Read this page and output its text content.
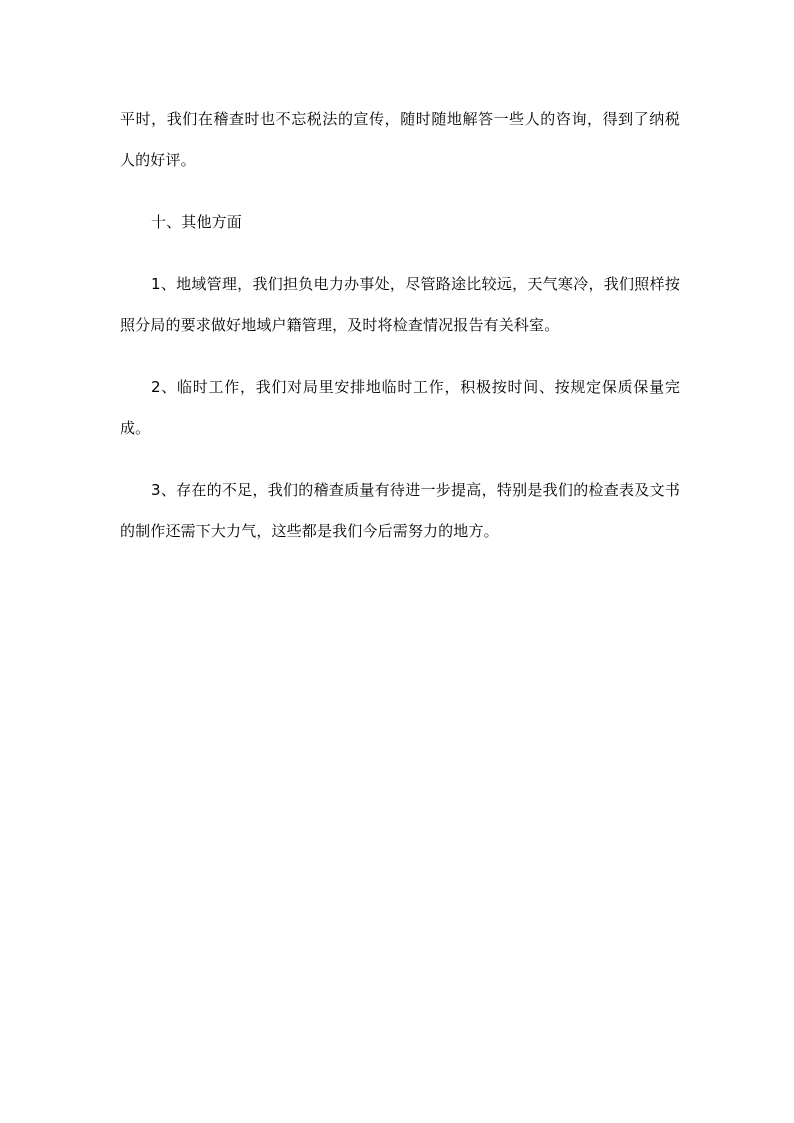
平时，我们在稽查时也不忘税法的宣传，随时随地解答一些人的咨询，得到了纳税人的好评。

十、其他方面

1、地域管理，我们担负电力办事处，尽管路途比较远，天气寒冷，我们照样按照分局的要求做好地域户籍管理，及时将检查情况报告有关科室。

2、临时工作，我们对局里安排地临时工作，积极按时间、按规定保质保量完成。

3、存在的不足，我们的稽查质量有待进一步提高，特别是我们的检查表及文书的制作还需下大力气，这些都是我们今后需努力的地方。
